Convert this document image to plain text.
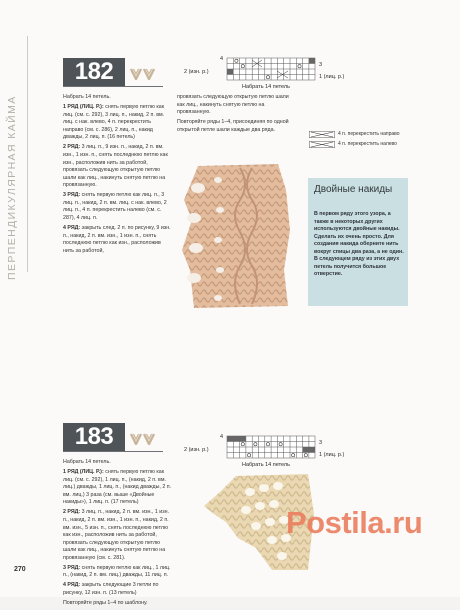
ПЕРПЕНДИКУЛЯРНАЯ КАЙМА
182	4
2 (изн. р.)
3
1 (лиц. р.)
Набрать 14 петель
4 п. перекрестить направо
4 п. перекрестить налево

Набрать 14 петель.

1 РЯД (ЛИЦ. Р.): снять первую петлю как лиц. (см. с. 292), 3 лиц. п., накид, 2 п. вм. лиц. с нак. влево, 4 п. перекрестить направо (см. с. 286), 2 лиц. п., накид дважды, 2 лиц. п. (16 петель)

2 РЯД: 3 лиц. п., 9 изн. п., накид, 2 п. вм. изн., 1 изн. п., снять последнюю петлю как изн., расположив нить за работой, провязать следующую открытую петлю шали как лиц., накинуть снятую петлю на провязанную.

3 РЯД: снять первую петлю как лиц. п., 3 лиц. п., накид, 2 п. вм. лиц. с нак. влево, 2 лиц. п., 4 п. перекрестить налево (см. с. 287), 4 лиц. п.

4 РЯД: закрыть след. 2 п. по рисунку, 9 изн. п., накид, 2 п. вм. изн., 1 изн. п., снять последнюю петлю как изн., расположив нить за работой,

провязать следующую открытую петлю шали как лиц., накинуть снятую петлю на провязанную.

Повторяйте ряды 1–4, присоединяя по одной открытой петле шали каждые два ряда.

Двойные накиды
В первом ряду этого узора, а также в некоторых других используются двойные накиды. Сделать их очень просто. Для создания накида оберните нить вокруг спицы два раза, а не один. В следующем ряду из этих двух петель получится большое отверстие.
183	4
2 (изн. р.)
3
1 (лиц. р.)
Набрать 14 петель

Набрать 14 петель.

1 РЯД (ЛИЦ. Р.): снять первую петлю как лиц. (см. с. 292), 1 лиц. п., (накид, 2 п. вм. лиц.) дважды, 1 лиц. п., (накид дважды, 2 п. вм. лиц.) 3 раза (см. выше «Двойные накиды»), 1 лиц. п. (17 петель)

2 РЯД: 3 лиц. п., накид, 2 п. вм. изн., 1 изн. п., накид, 2 п. вм. изн., 1 изн. п., накид, 2 п. вм. изн., 5 изн. п., снять последнюю петлю как изн., расположив нить за работой, провязать следующую открытую петлю шали как лиц., накинуть снятую петлю на провязанную (см. с. 281).

3 РЯД: снять первую петлю как лиц., 1 лиц. п., (накид, 2 п. вм. лиц.) дважды, 11 лиц. п.

4 РЯД: закрыть следующие 3 петли по рисунку, 12 изн. п. (13 петель)

Повторяйте ряды 1–4 по шаблону.

Postila.ru
270
